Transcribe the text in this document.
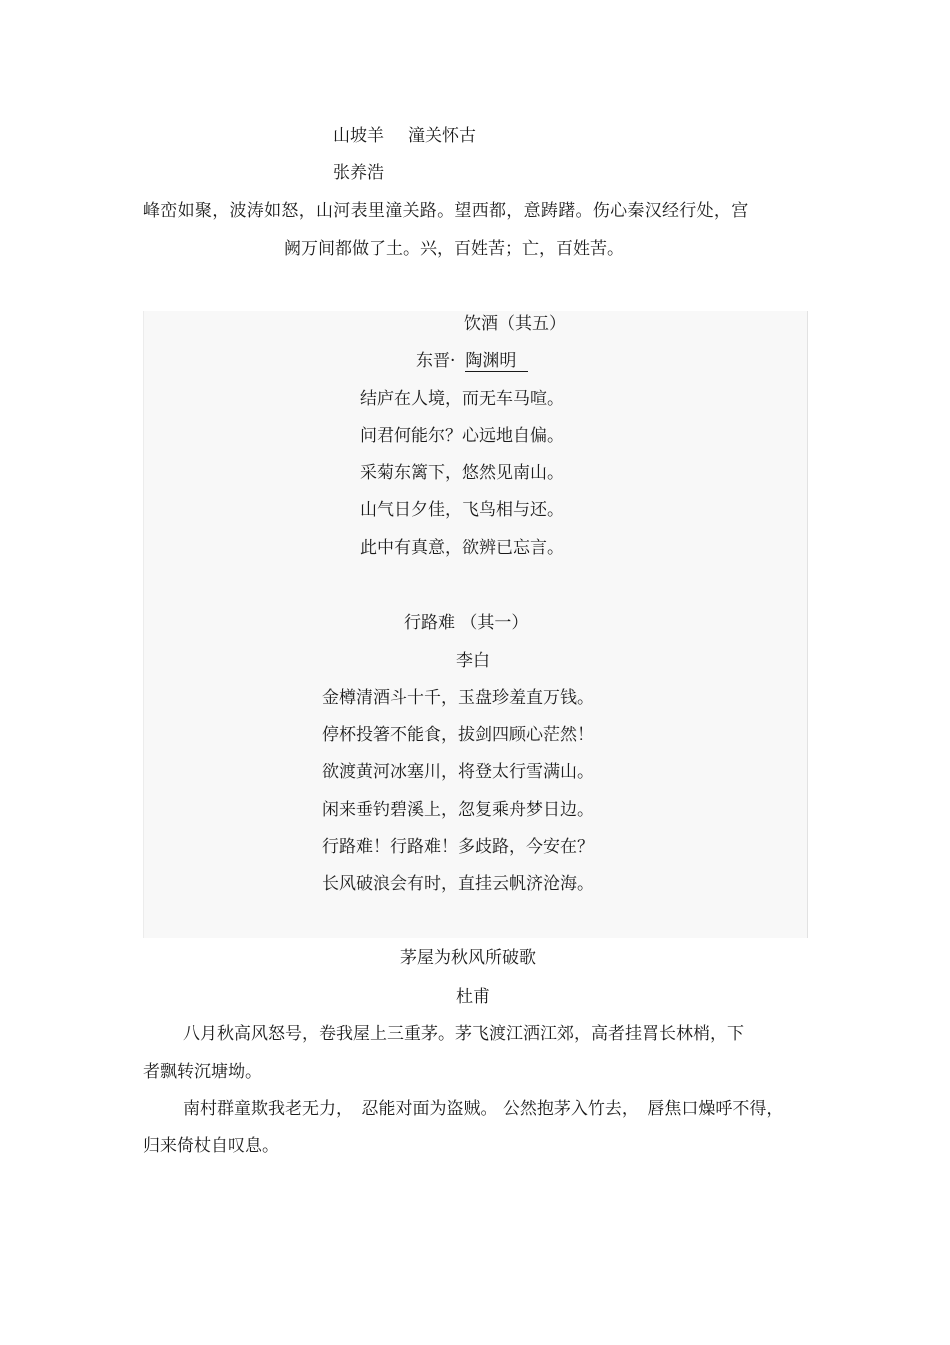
山坡羊 潼关怀古
张养浩
峰峦如聚，波涛如怒，山河表里潼关路。望西都，意踌躇。伤心秦汉经行处，宫
阙万间都做了土。兴，百姓苦；亡，百姓苦。
饮酒（其五）
东晋· 陶渊明
结庐在人境，而无车马喧。
问君何能尔？心远地自偏。
采菊东篱下，悠然见南山。
山气日夕佳，飞鸟相与还。
此中有真意，欲辨已忘言。
行路难 （其一）
李白
金樽清酒斗十千，玉盘珍羞直万钱。
停杯投箸不能食，拔剑四顾心茫然！
欲渡黄河冰塞川，将登太行雪满山。
闲来垂钓碧溪上，忽复乘舟梦日边。
行路难！行路难！多歧路，今安在？
长风破浪会有时，直挂云帆济沧海。
茅屋为秋风所破歌
杜甫
八月秋高风怒号，卷我屋上三重茅。茅飞渡江洒江郊，高者挂罥长林梢，下
者飘转沉塘坳。
南村群童欺我老无力，　忍能对面为盗贼。 公然抱茅入竹去，　唇焦口燥呼不得，
归来倚杖自叹息。
